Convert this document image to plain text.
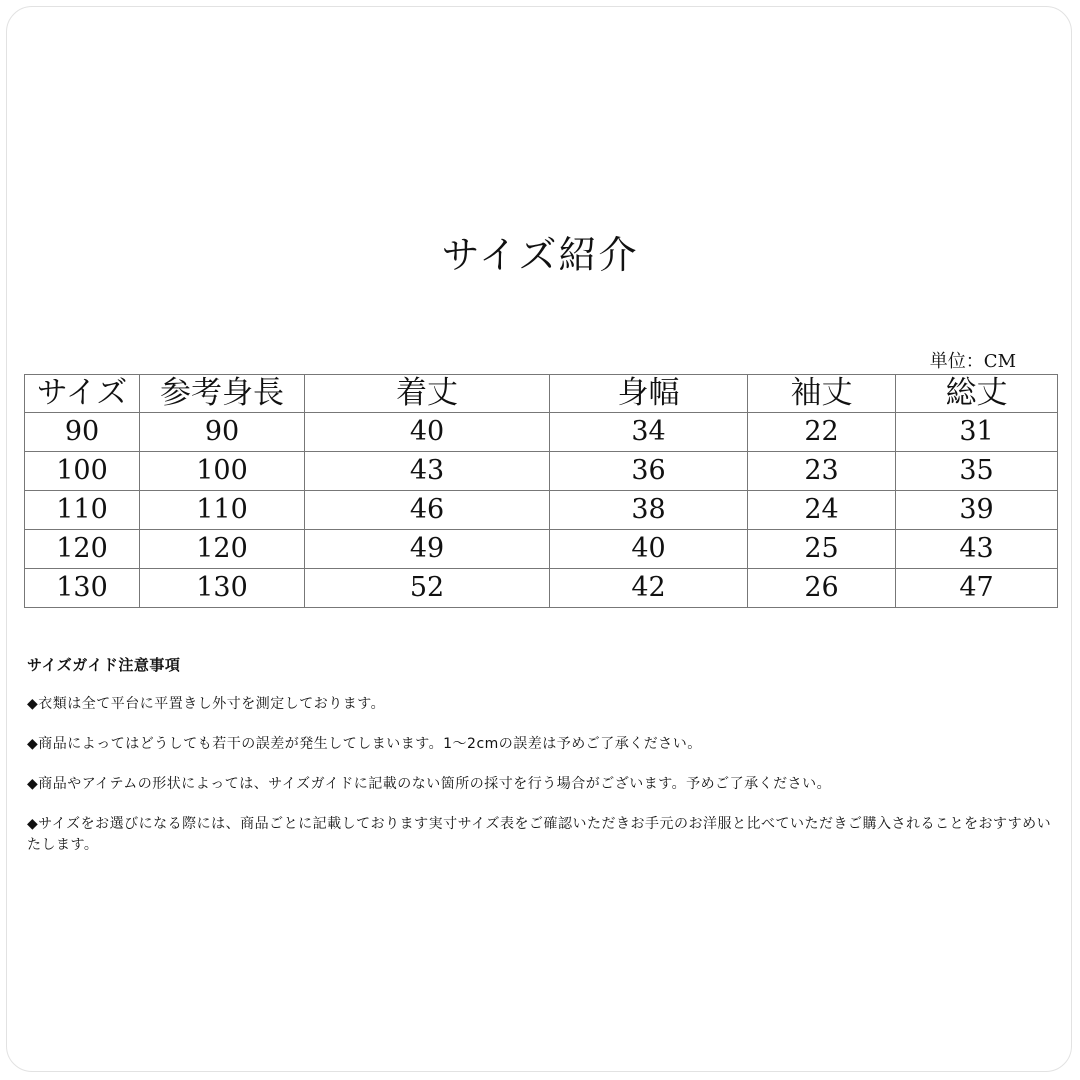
サイズ紹介
単位：CM
サイズ	参考身長	着丈	身幅	袖丈	総丈
90	90	40	34	22	31
100	100	43	36	23	35
110	110	46	38	24	39
120	120	49	40	25	43
130	130	52	42	26	47
サイズガイド注意事項

◆衣類は全て平台に平置きし外寸を測定しております。

◆商品によってはどうしても若干の誤差が発生してしまいます。1〜2cmの誤差は予めご了承ください。

◆商品やアイテムの形状によっては、サイズガイドに記載のない箇所の採寸を行う場合がございます。予めご了承ください。

◆サイズをお選びになる際には、商品ごとに記載しております実寸サイズ表をご確認いただきお手元のお洋服と比べていただきご購入されることをおすすめいたします。
